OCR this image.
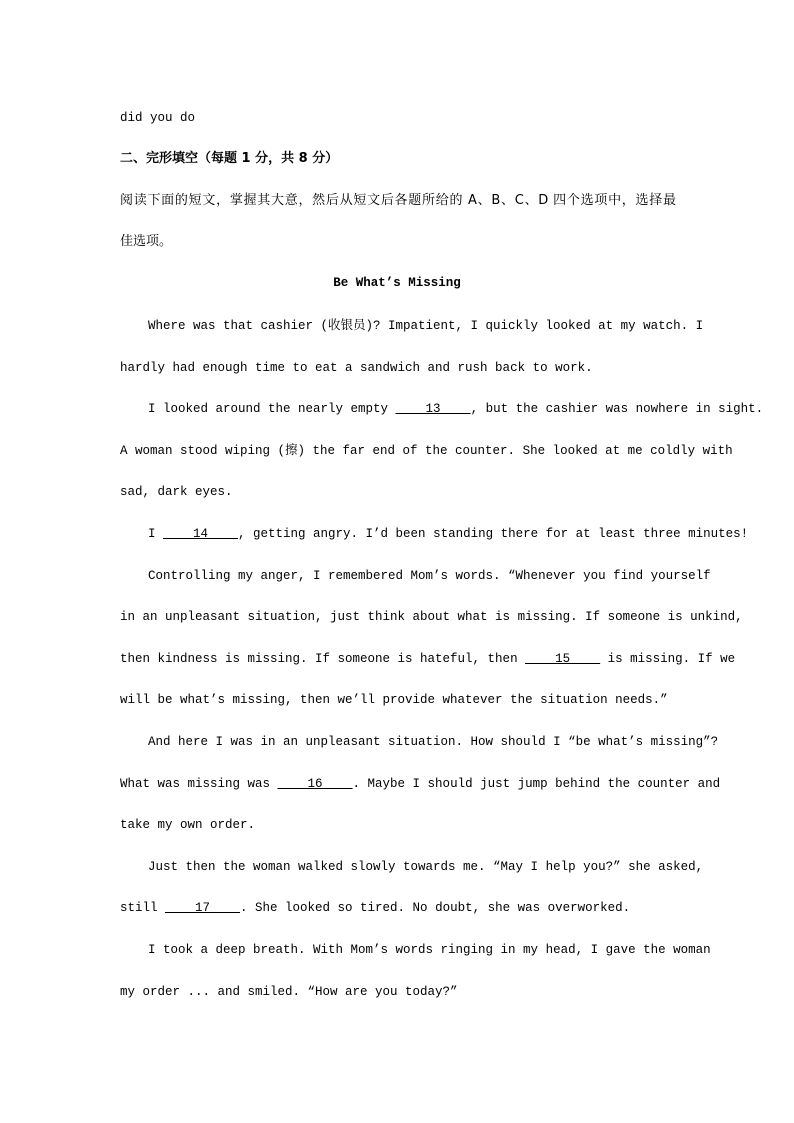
did you do
二、完形填空（每题 1 分，共 8 分）
阅读下面的短文，掌握其大意，然后从短文后各题所给的 A、B、C、D 四个选项中，选择最
佳选项。
Be What’s Missing
Where was that cashier (收银员)? Impatient, I quickly looked at my watch. I
hardly had enough time to eat a sandwich and rush back to work.
I looked around the nearly empty ____13____, but the cashier was nowhere in sight.
A woman stood wiping (擦) the far end of the counter. She looked at me coldly with
sad, dark eyes.
I ____14____, getting angry. I’d been standing there for at least three minutes!
Controlling my anger, I remembered Mom’s words. “Whenever you find yourself
in an unpleasant situation, just think about what is missing. If someone is unkind,
then kindness is missing. If someone is hateful, then ____15____ is missing. If we
will be what’s missing, then we’ll provide whatever the situation needs.”
And here I was in an unpleasant situation. How should I “be what’s missing”?
What was missing was ____16____. Maybe I should just jump behind the counter and
take my own order.
Just then the woman walked slowly towards me. “May I help you?” she asked,
still ____17____. She looked so tired. No doubt, she was overworked.
I took a deep breath. With Mom’s words ringing in my head, I gave the woman
my order ... and smiled. “How are you today?”
